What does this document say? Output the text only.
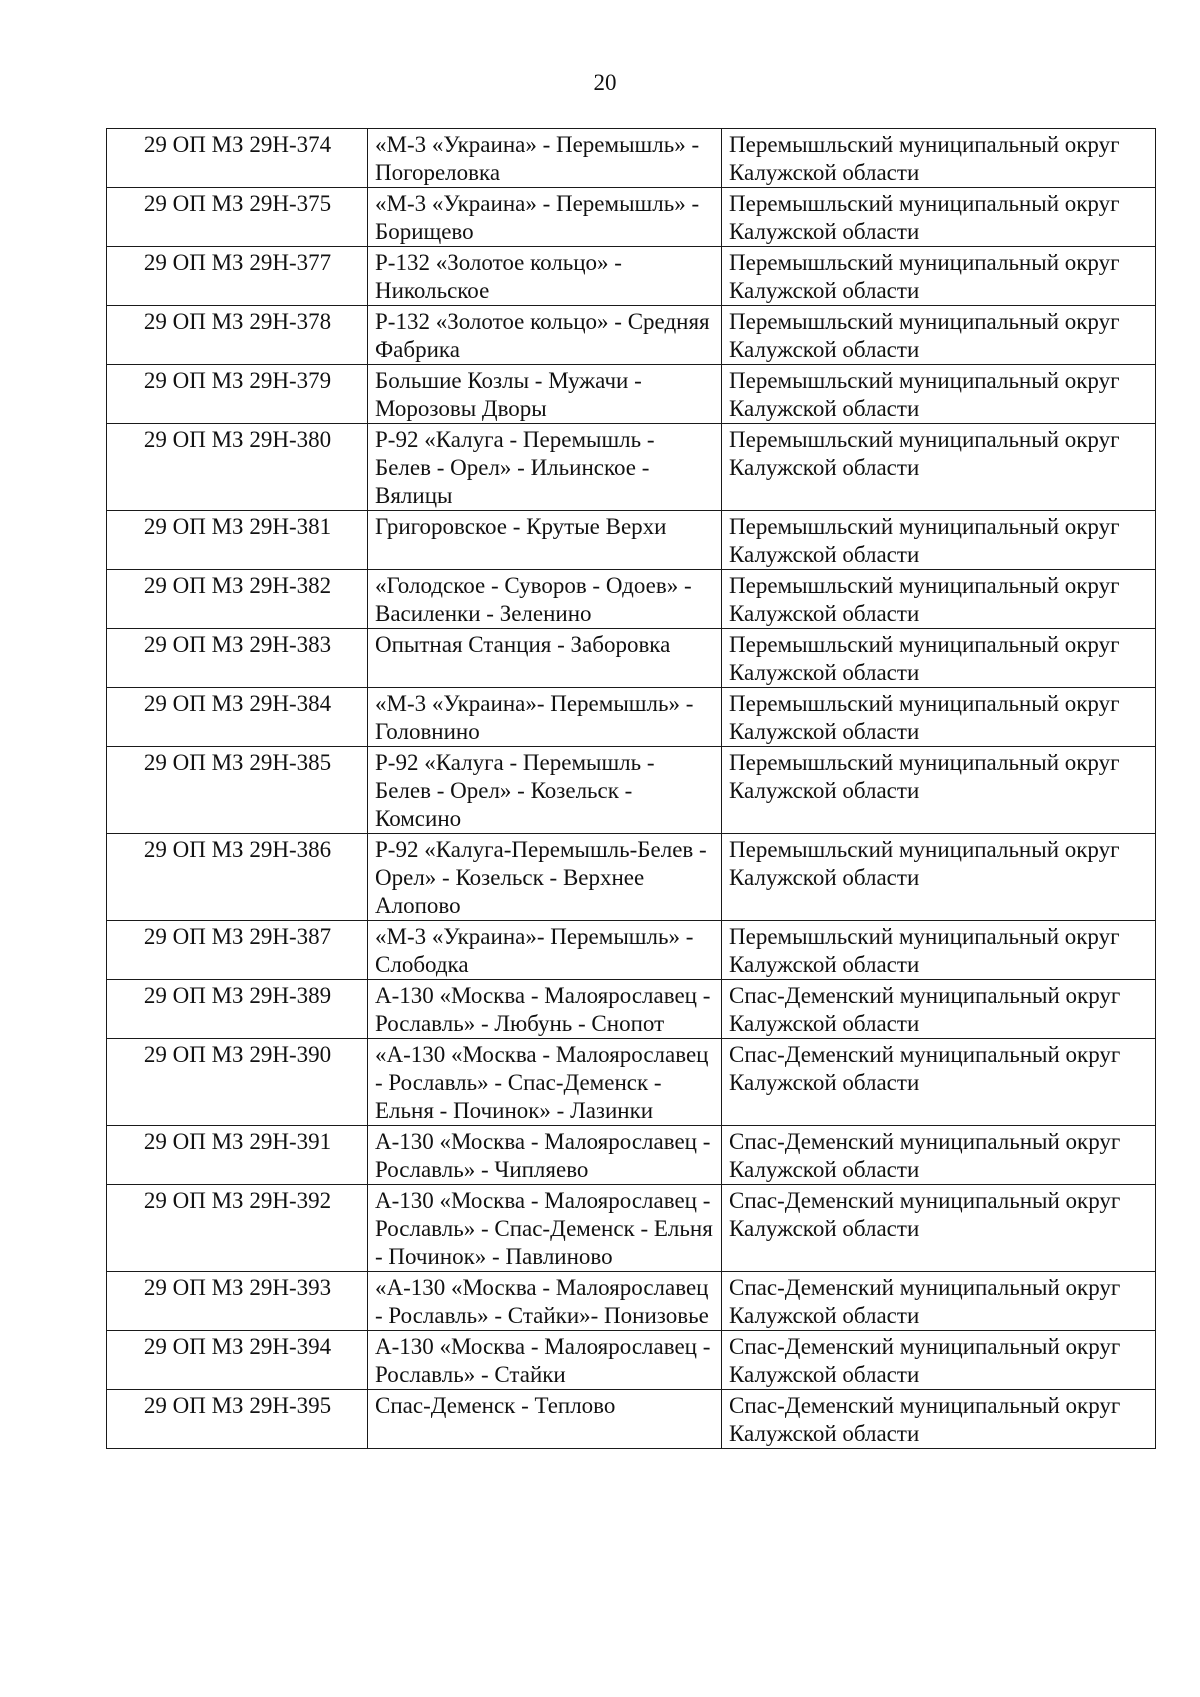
20
29 ОП МЗ 29Н-374	«М-3 «Украина» - Перемышль» - Погореловка	Перемышльский муниципальный округ Калужской области
29 ОП МЗ 29Н-375	«М-3 «Украина» - Перемышль» - Борищево	Перемышльский муниципальный округ Калужской области
29 ОП МЗ 29Н-377	Р-132 «Золотое кольцо» - Никольское	Перемышльский муниципальный округ Калужской области
29 ОП МЗ 29Н-378	Р-132 «Золотое кольцо» - Средняя Фабрика	Перемышльский муниципальный округ Калужской области
29 ОП МЗ 29Н-379	Большие Козлы - Мужачи - Морозовы Дворы	Перемышльский муниципальный округ Калужской области
29 ОП МЗ 29Н-380	Р-92 «Калуга - Перемышль - Белев - Орел» - Ильинское - Вялицы	Перемышльский муниципальный округ Калужской области
29 ОП МЗ 29Н-381	Григоровское - Крутые Верхи	Перемышльский муниципальный округ Калужской области
29 ОП МЗ 29Н-382	«Голодское - Суворов - Одоев» - Василенки - Зеленино	Перемышльский муниципальный округ Калужской области
29 ОП МЗ 29Н-383	Опытная Станция - Заборовка	Перемышльский муниципальный округ Калужской области
29 ОП МЗ 29Н-384	«М-3 «Украина»- Перемышль» - Головнино	Перемышльский муниципальный округ Калужской области
29 ОП МЗ 29Н-385	Р-92 «Калуга - Перемышль - Белев - Орел» - Козельск - Комсино	Перемышльский муниципальный округ Калужской области
29 ОП МЗ 29Н-386	Р-92 «Калуга-Перемышль-Белев - Орел» - Козельск - Верхнее Алопово	Перемышльский муниципальный округ Калужской области
29 ОП МЗ 29Н-387	«М-3 «Украина»- Перемышль» - Слободка	Перемышльский муниципальный округ Калужской области
29 ОП МЗ 29Н-389	А-130 «Москва - Малоярославец - Рославль» - Любунь - Снопот	Спас-Деменский муниципальный округ Калужской области
29 ОП МЗ 29Н-390	«А-130 «Москва - Малоярославец - Рославль» - Спас-Деменск - Ельня - Починок» - Лазинки	Спас-Деменский муниципальный округ Калужской области
29 ОП МЗ 29Н-391	А-130 «Москва - Малоярославец - Рославль» - Чипляево	Спас-Деменский муниципальный округ Калужской области
29 ОП МЗ 29Н-392	А-130 «Москва - Малоярославец - Рославль» - Спас-Деменск - Ельня - Починок» - Павлиново	Спас-Деменский муниципальный округ Калужской области
29 ОП МЗ 29Н-393	«А-130 «Москва - Малоярославец - Рославль» - Стайки»- Понизовье	Спас-Деменский муниципальный округ Калужской области
29 ОП МЗ 29Н-394	А-130 «Москва - Малоярославец - Рославль» - Стайки	Спас-Деменский муниципальный округ Калужской области
29 ОП МЗ 29Н-395	Спас-Деменск - Теплово	Спас-Деменский муниципальный округ Калужской области
